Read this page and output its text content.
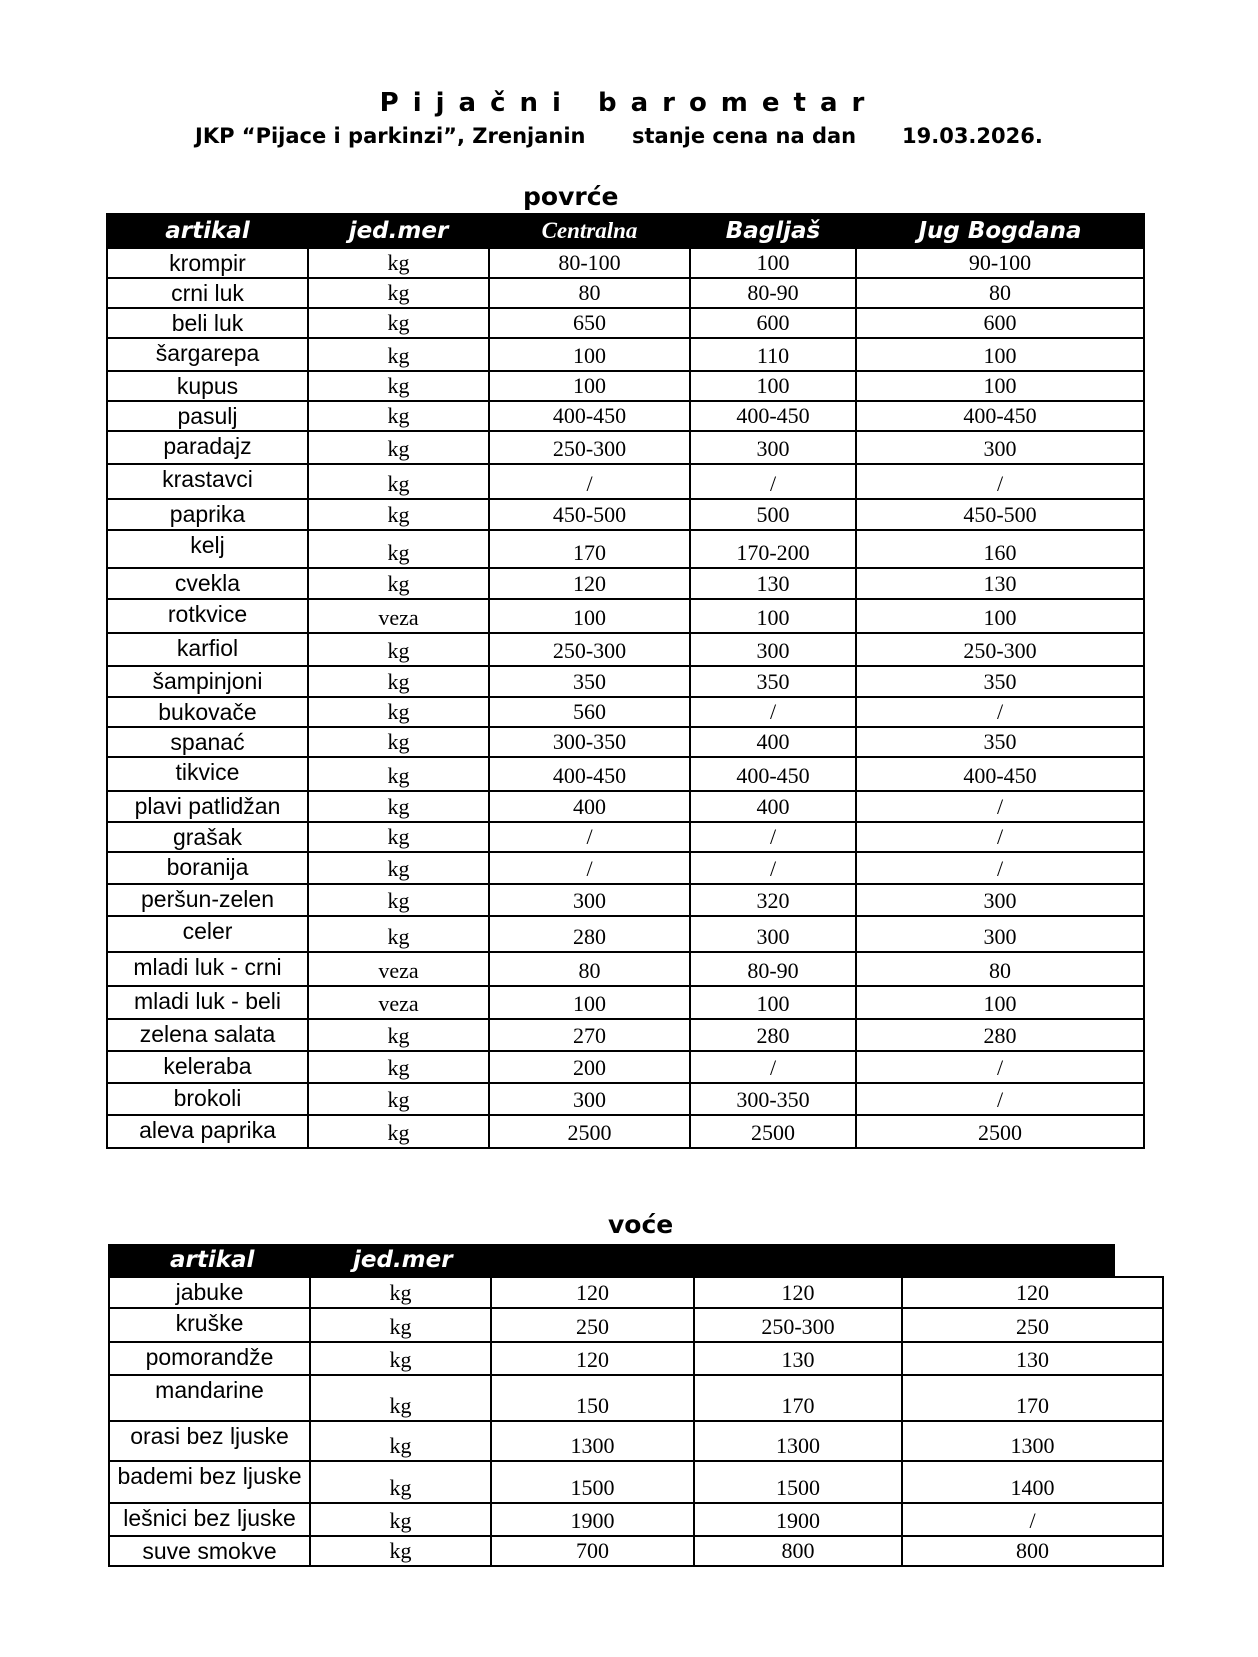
Pijačni barometar
JKP “Pijace i parkinzi”, Zrenjanin stanje cena na dan 19.03.2026.
povrće
artikal	jed.mer	Centralna	Bagljaš	Jug Bogdana
krompir	kg	80-100	100	90-100
crni luk	kg	80	80-90	80
beli luk	kg	650	600	600
šargarepa	kg	100	110	100
kupus	kg	100	100	100
pasulj	kg	400-450	400-450	400-450
paradajz	kg	250-300	300	300
krastavci	kg	/	/	/
paprika	kg	450-500	500	450-500
kelj	kg	170	170-200	160
cvekla	kg	120	130	130
rotkvice	veza	100	100	100
karfiol	kg	250-300	300	250-300
šampinjoni	kg	350	350	350
bukovače	kg	560	/	/
spanać	kg	300-350	400	350
tikvice	kg	400-450	400-450	400-450
plavi patlidžan	kg	400	400	/
grašak	kg	/	/	/
boranija	kg	/	/	/
peršun-zelen	kg	300	320	300
celer	kg	280	300	300
mladi luk - crni	veza	80	80-90	80
mladi luk - beli	veza	100	100	100
zelena salata	kg	270	280	280
keleraba	kg	200	/	/
brokoli	kg	300	300-350	/
aleva paprika	kg	2500	2500	2500
voće
artikal	jed.mer
jabuke	kg	120	120	120
kruške	kg	250	250-300	250
pomorandže	kg	120	130	130
mandarine	kg	150	170	170
orasi bez ljuske	kg	1300	1300	1300
bademi bez ljuske	kg	1500	1500	1400
lešnici bez ljuske	kg	1900	1900	/
suve smokve	kg	700	800	800
